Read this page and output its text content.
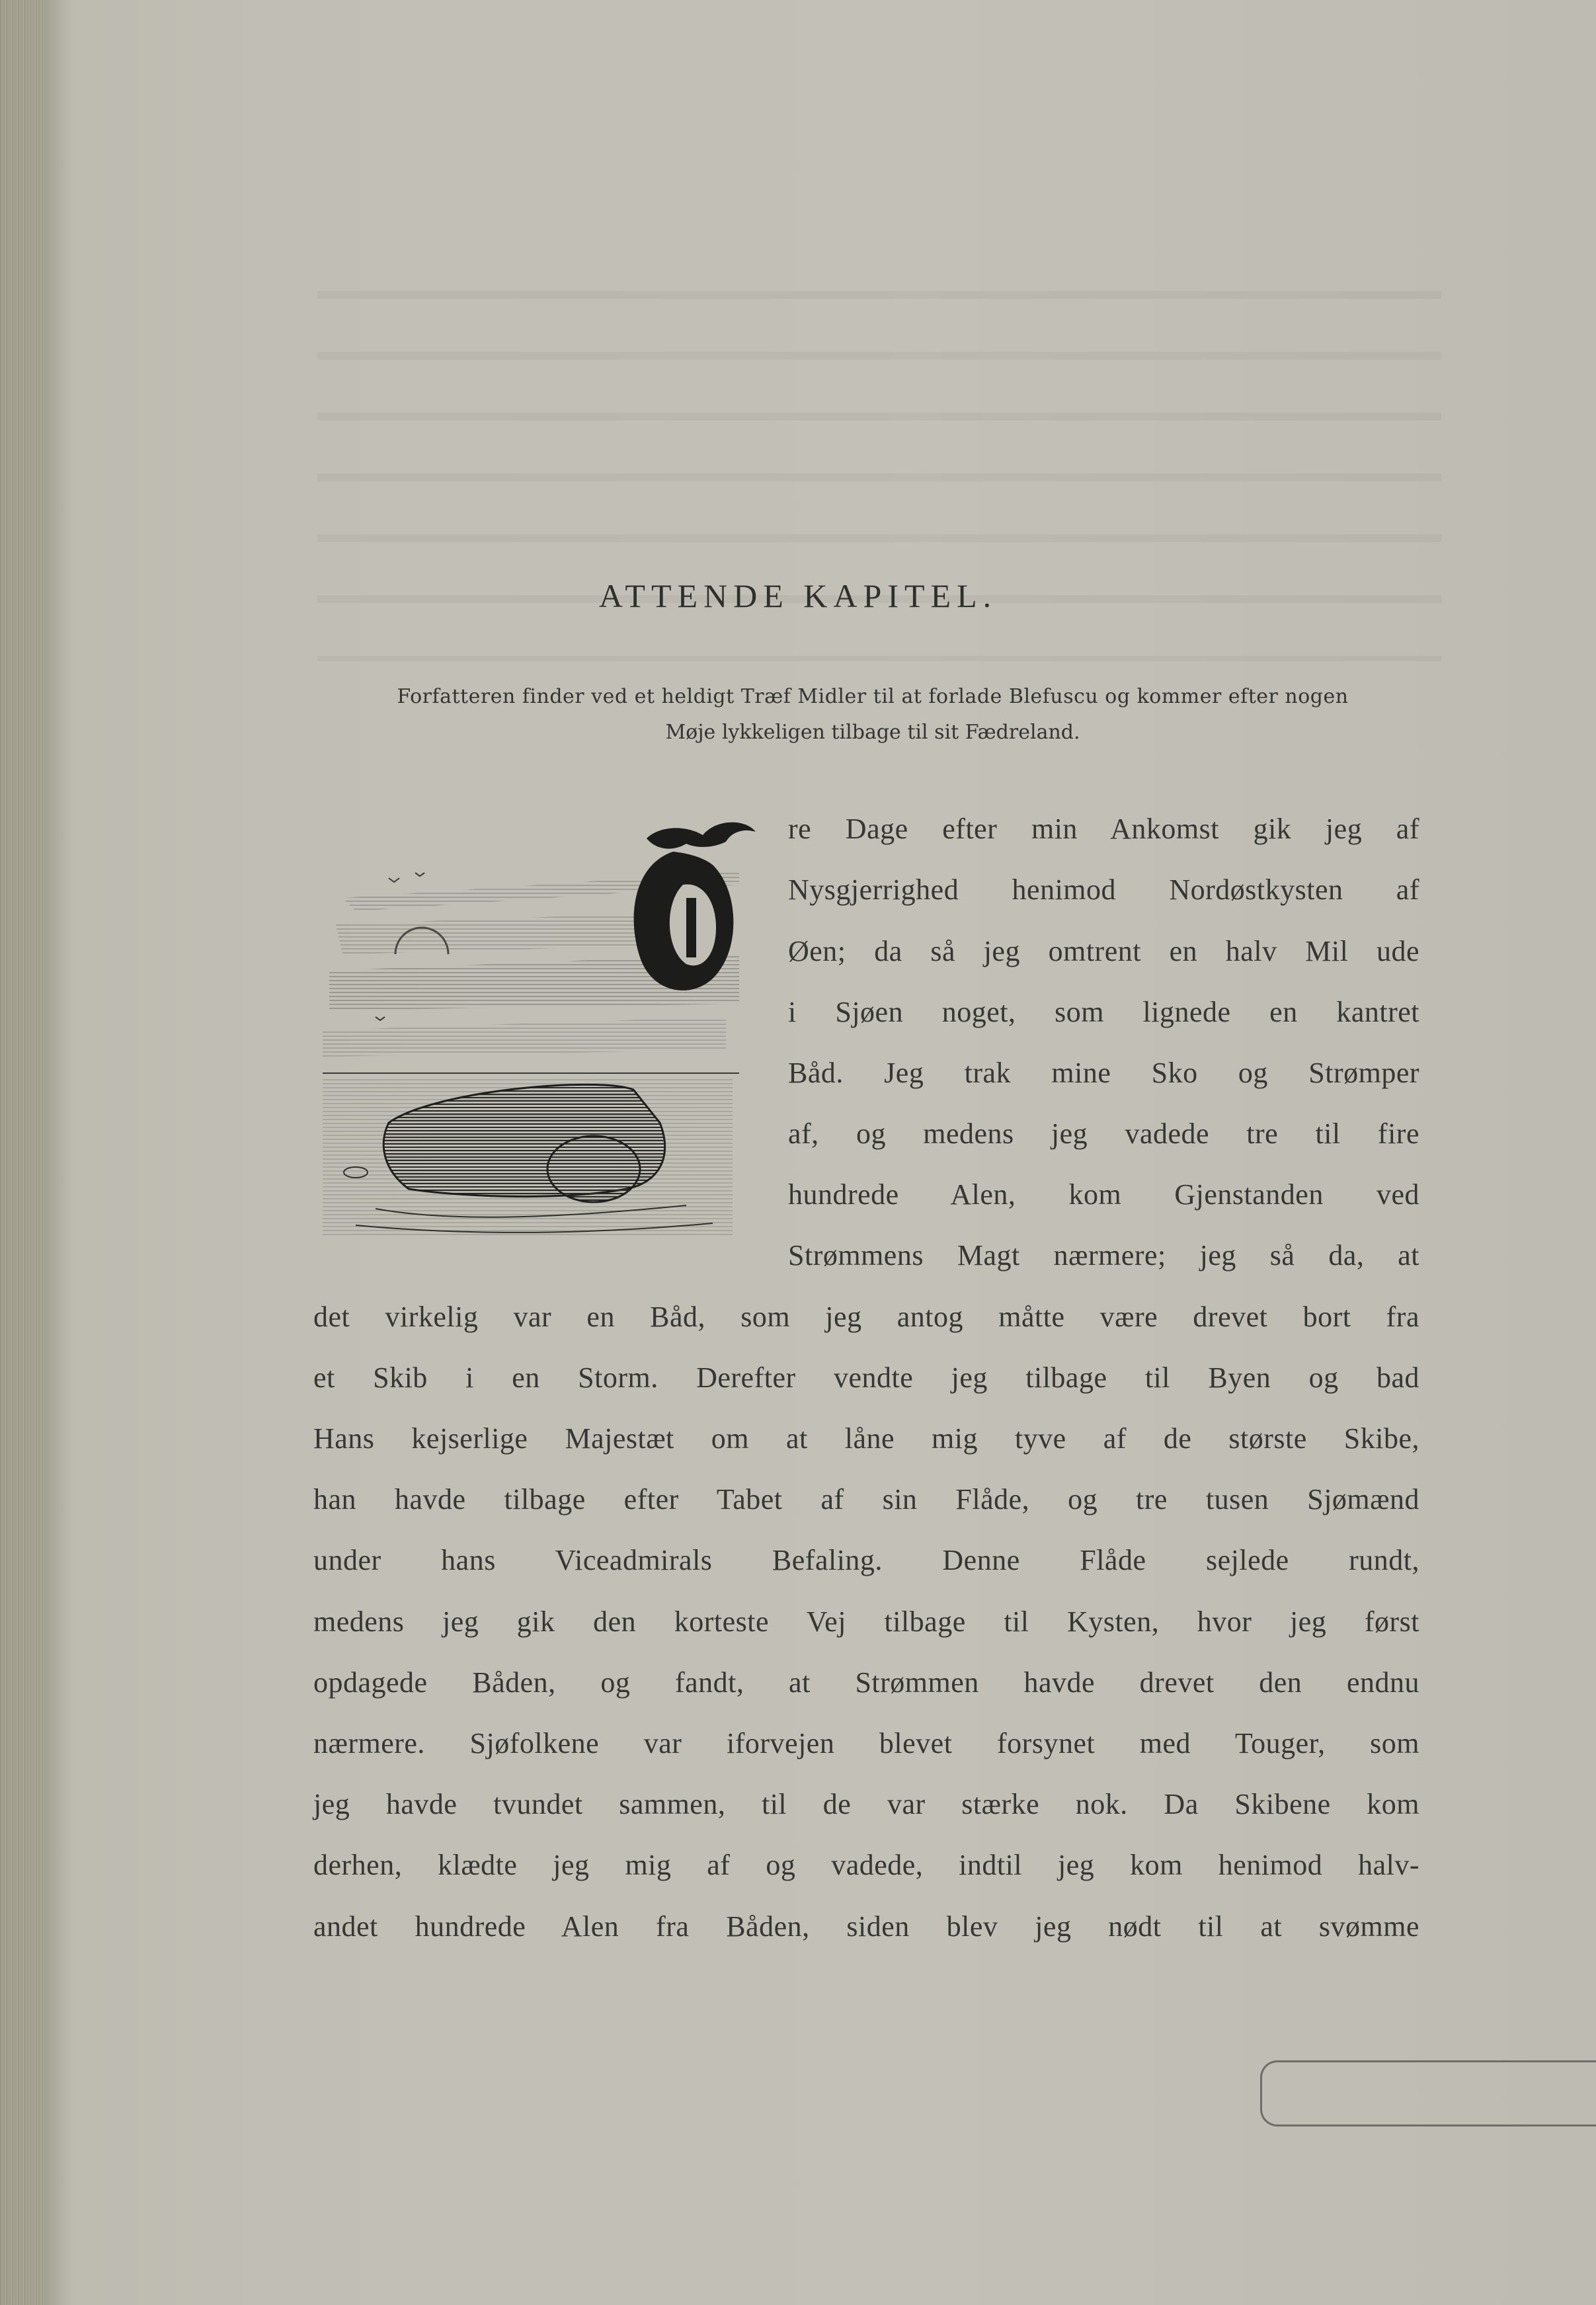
ATTENDE KAPITEL.
Forfatteren finder ved et heldigt Træf Midler til at forlade Blefuscu og kommer efter nogen
Møje lykkeligen tilbage til sit Fædreland.
re Dage efter min Ankomst gik jeg af
Nysgjerrighed henimod Nordøstkysten af
Øen; da så jeg omtrent en halv Mil ude
i Sjøen noget, som lignede en kantret
Båd. Jeg trak mine Sko og Strømper
af, og medens jeg vadede tre til fire
hundrede Alen, kom Gjenstanden ved
Strømmens Magt nærmere; jeg så da, at
det virkelig var en Båd, som jeg antog måtte være drevet bort fra
et Skib i en Storm. Derefter vendte jeg tilbage til Byen og bad
Hans kejserlige Majestæt om at låne mig tyve af de største Skibe,
han havde tilbage efter Tabet af sin Flåde, og tre tusen Sjømænd
under hans Viceadmirals Befaling. Denne Flåde sejlede rundt,
medens jeg gik den korteste Vej tilbage til Kysten, hvor jeg først
opdagede Båden, og fandt, at Strømmen havde drevet den endnu
nærmere. Sjøfolkene var iforvejen blevet forsynet med Touger, som
jeg havde tvundet sammen, til de var stærke nok. Da Skibene kom
derhen, klædte jeg mig af og vadede, indtil jeg kom henimod halv-
andet hundrede Alen fra Båden, siden blev jeg nødt til at svømme
